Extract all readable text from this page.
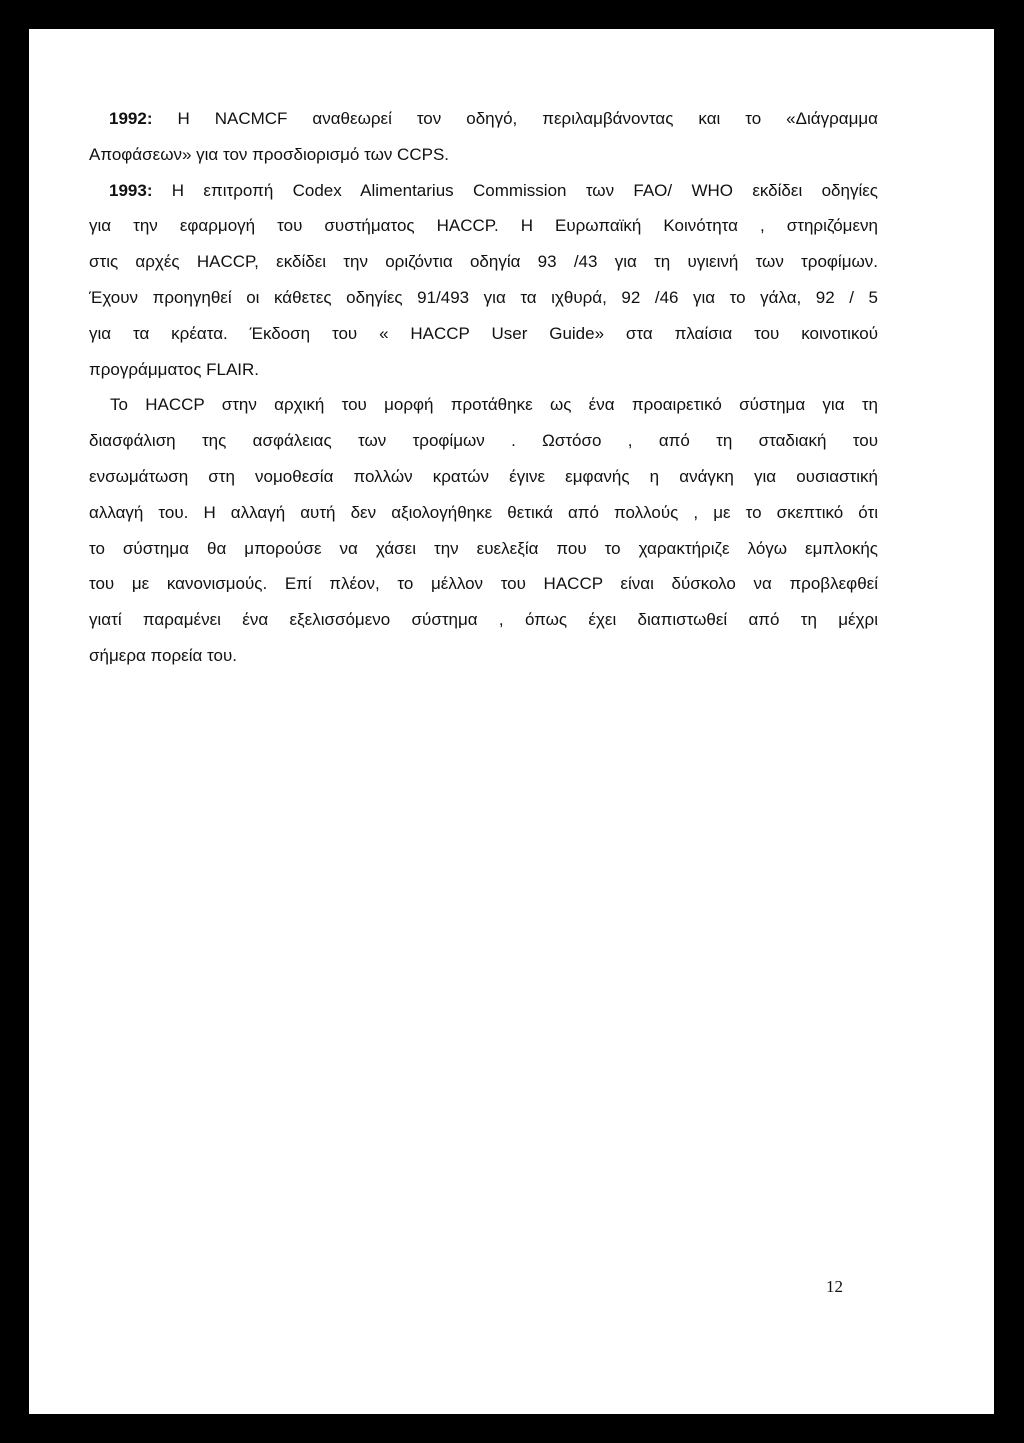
1992: Η NACMCF αναθεωρεί τον οδηγό, περιλαμβάνοντας και το «Διάγραμμα
Αποφάσεων» για τον προσδιορισμό των CCPS.
1993: Η επιτροπή Codex Alimentarius Commission των FAO/ WHO εκδίδει οδηγίες
για την εφαρμογή του συστήματος HACCP. Η Ευρωπαϊκή Κοινότητα , στηριζόμενη
στις αρχές HACCP, εκδίδει την οριζόντια οδηγία 93 /43 για τη υγιεινή των τροφίμων.
Έχουν προηγηθεί οι κάθετες οδηγίες 91/493 για τα ιχθυρά, 92 /46 για το γάλα, 92 / 5
για τα κρέατα. Έκδοση του « HACCP User Guide» στα πλαίσια του κοινοτικού
προγράμματος FLAIR.
Το HACCP στην αρχική του μορφή προτάθηκε ως ένα προαιρετικό σύστημα για τη
διασφάλιση της ασφάλειας των τροφίμων . Ωστόσο , από τη σταδιακή του
ενσωμάτωση στη νομοθεσία πολλών κρατών έγινε εμφανής η ανάγκη για ουσιαστική
αλλαγή του. Η αλλαγή αυτή δεν αξιολογήθηκε θετικά από πολλούς , με το σκεπτικό ότι
το σύστημα θα μπορούσε να χάσει την ευελεξία που το χαρακτήριζε λόγω εμπλοκής
του με κανονισμούς. Επί πλέον, το μέλλον του HACCP είναι δύσκολο να προβλεφθεί
γιατί παραμένει ένα εξελισσόμενο σύστημα , όπως έχει διαπιστωθεί από τη μέχρι
σήμερα πορεία του.
12
